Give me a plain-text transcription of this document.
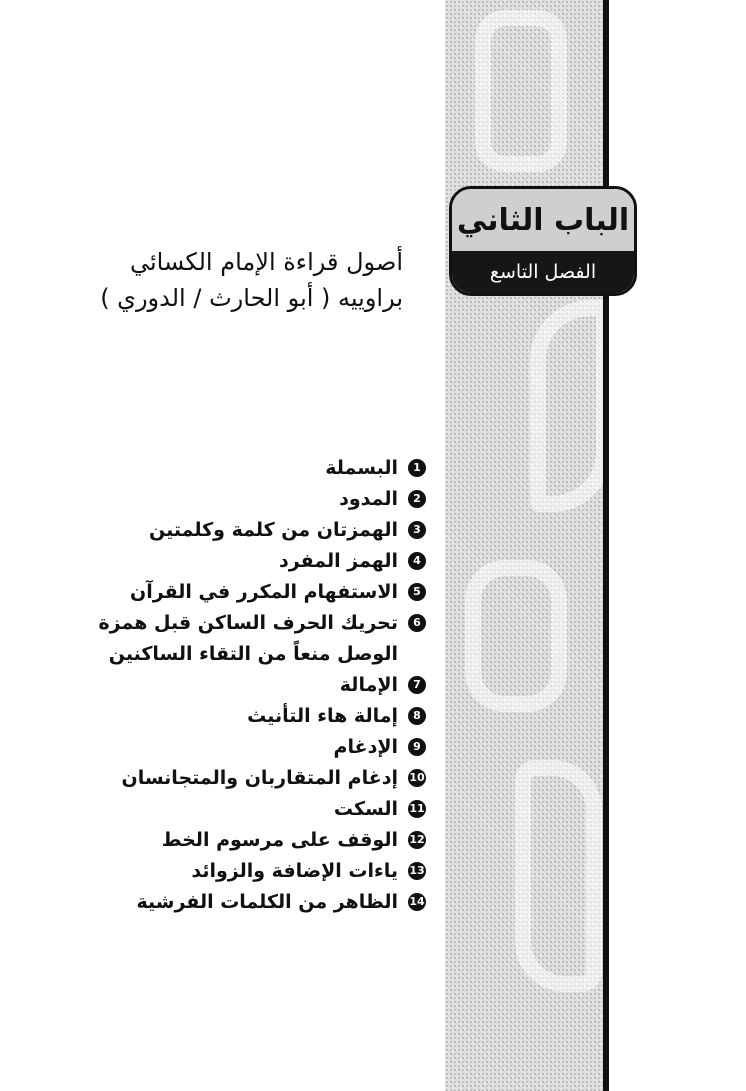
الباب الثاني
الفصل التاسع
أصول قراءة الإمام الكسائي
براوييه ( أبو الحارث / الدوري )
1
البسملة
2
المدود
3
الهمزتان من كلمة وكلمتين
4
الهمز المفرد
5
الاستفهام المكرر في القرآن
6
تحريك الحرف الساكن قبل همزة الوصل منعاً من التقاء الساكنين
7
الإمالة
8
إمالة هاء التأنيث
9
الإدغام
10
إدغام المتقاربان والمتجانسان
11
السكت
12
الوقف على مرسوم الخط
13
ياءات الإضافة والزوائد
14
الظاهر من الكلمات الفرشية
